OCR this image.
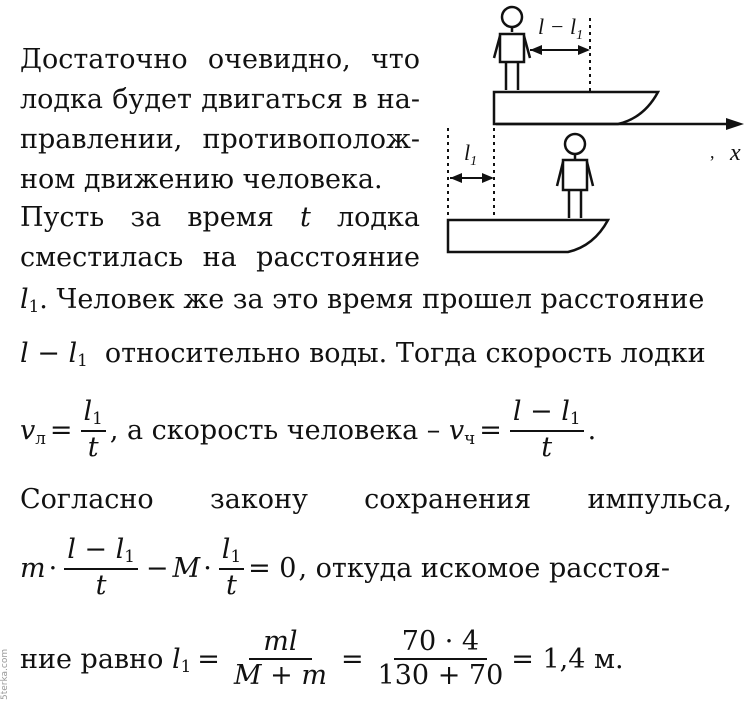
Достаточно очевидно, что
лодка будет двигаться в на-
правлении, противополож-
ном движению человека.
Пусть за время t лодка
сместилась на расстояние
$l_1$. Человек же за это время прошел расстояние
$l - l_1$ относительно воды. Тогда скорость лодки
$v_л = \frac{l_1}{t}$ , а скорость человека –
$v_ч = \frac{l - l_1}{t}$ .
Согласно закону сохранения импульса,
$m \cdot \frac{l - l_1}{t} - M \cdot \frac{l_1}{t} = 0$ , откуда искомое расстоя-
ние равно
$l_1 = \frac{ml}{M + m} = \frac{70 \cdot 4}{130 + 70} = 1,4$ м.
$l - l_1$
x
,
$l_1$
5terka.com
